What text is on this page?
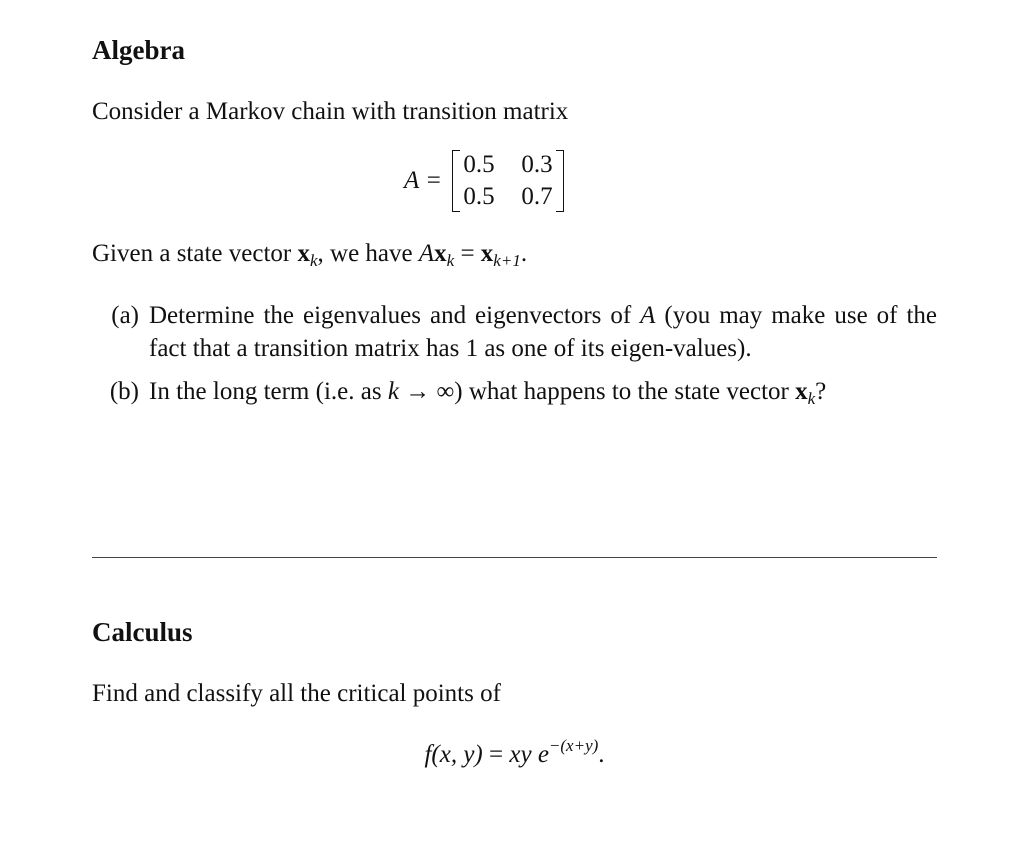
Algebra

Consider a Markov chain with transition matrix

A =
0.5 0.3
0.5 0.7

Given a state vector $x_k$, we have $Ax_k = x_{k+1}$.

(a) Determine the eigenvalues and eigenvectors of A (you may make use of the fact that a transition matrix has 1 as one of its eigen-values).
(b) In the long term (i.e. as k → ∞) what happens to the state vector $x_k$?
Calculus

Find and classify all the critical points of

f(x, y) = xy $e^{-(x+y)}$.
